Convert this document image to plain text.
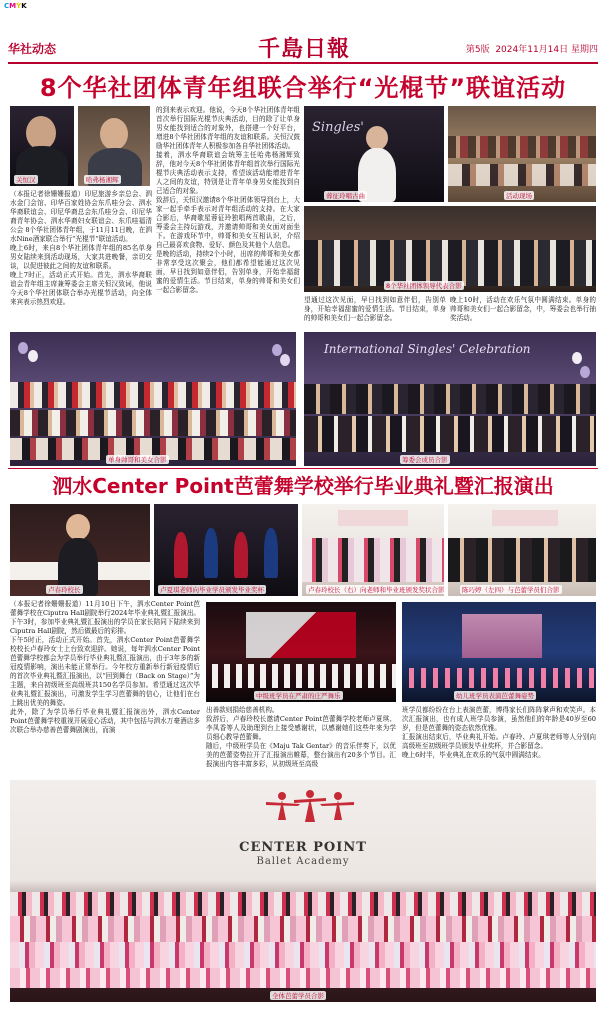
CMYK
华社动态	千島日報	第5版 2024年11月14日 星期四
8个华社团体青年组联合举行“光棍节”联谊活动
关恒汉	哈弗杨湘辉
（本报记者徐姗姗报道）印尼旅游乡亲总会、泗水金门会馆、印华百家姓协会东爪哇分会、泗水华裔联谊会、印尼华裔总会东爪哇分会、印尼华裔青年协会、泗水华裔妇女联谊会、东爪哇福清公会 8个华社团体青年组，于11月11日晚，在泗水Nine酒家联合举行“光棍节”联谊活动。
晚上6时，来自8个华社团体青年组的85名单身男女陆续来到活动现场，大家共进晚餐，亲切交谈，以促进彼此之间的友谊和联系。
晚上7时正，活动正式开始。首先，泗水华裔联谊会青年组主席兼筹委会主席关恒汉致词，他说今天8个华社团体联合举办光棍节活动，向全体来宾表示热烈欢迎。
的到来表示欢迎。他说，今天8个华社团体青年组首次举行国际光棍节庆典活动，目的除了让单身男女能找到适合的对象外，也搭建一个好平台，增进8个华社团体青年组的友谊和联系。关恒汉鼓励华社团体青年人积极参加各自华社团体活动。
接着，泗水华裔联谊会统筹主任哈弗杨湘辉致辞，他对今天8个华社团体青年组首次举行国际光棍节庆典活动表示支持，希望该活动能增进青年人之间的友谊，特别是让青年单身男女能找到自己适合的对象。
致辞后，关恒汉邀请8个华社团体领导到台上，大家一起手牵手表示对青年组活动的支持。在大家合影后，华裔歌星蓉征玲独唱两首歌曲，之后，筹委会主持玩游戏，并邀请帅哥和美女面对面坐下。在游戏环节中，帅哥和美女互相认识，介绍自己最喜欢食物、爱好、颜色及其他个人信息。
是晚的活动，持续2个小时，出席的帅哥和美女都非常享受这次聚会，他们都希望能通过这次见面，早日找到如意伴侣，告别单身，开始幸福甜蜜的爱情生活。节目结束，单身的帅哥和美女们一起合影留念。
Singles'
蓉征玲唱古曲	活动现场
8个华社团体领导代表合影
望通过这次见面，早日找到如意伴侣，告别单身，开始幸福甜蜜的爱情生活。节目结束，单身的帅哥和美女们一起合影留念。
晚上10时，活动在欢乐气氛中圆满结束。单身的帅哥和美女们一起合影留念，中，筹委会也举行抽奖活动。
单身帅哥和美女合影
International Singles' Celebration
筹委会成员合影
泗水Center Point芭蕾舞学校举行毕业典礼暨汇报演出
卢春玲校长	卢夏琪老师向毕业学员颁发毕业奖杯	卢春玲校长（右）向老师和毕业班颁发奖状合影	陈巧婷（左四）与芭蕾学员们合影
（本报记者徐姗姗报道）11月10日下午，泗水Center Point芭蕾舞学校在Ciputra Hall剧院举行2024年毕业典礼暨汇报演出。
下午3时，参加毕业典礼暨汇报演出的学员在家长陪同下陆续来到Ciputra Hall剧院，然后做最后的彩排。
下午5时正，活动正式开始。首先，泗水Center Point芭蕾舞学校校长卢春玲女士上台致欢迎辞。她说，每年泗水Center Point芭蕾舞学校都会为学员举行毕业典礼暨汇报演出，由于3年多的新冠疫情影响，演出未能正常举行。今年校方重新举行新冠疫情后的首次毕业典礼暨汇报演出，以“回到舞台（Back on Stage）”为主题，来自初级班至高级班共150名学员参加。希望通过这次毕业典礼暨汇报演出，可激发学生学习芭蕾舞的信心，让他们在台上跳出优美的舞姿。
此外，除了为学员举行毕业典礼暨汇报演出外，泗水Center Point芭蕾舞学校重视开展爱心活动，其中包括与泗水万豪酒店多次联合举办慈善芭蕾舞剧演出，而演
中级班学员在严肃的庄严舞乐	幼儿班学员表演芭蕾舞姿势
出善款则捐给慈善机构。
致辞后，卢春玲校长邀请Center Point芭蕾舞学校老师卢夏琪、李凤香等人及助理到台上接受感谢状，以感谢她们这些年来为学员细心教导芭蕾舞。
随后，中级班学员在《Maju Tak Gentar》的音乐伴奏下，以优美的芭蕾姿势拉开了汇报演出帷幕，整台演出有20多个节目。汇报演出内容丰富多彩，从初级班至高级
班学员都纷纷在台上表演芭蕾，博得家长们阵阵掌声和欢笑声。本次汇报演出，也有成人班学员参演，虽然他们的年龄是40岁至60岁，但是芭蕾舞的姿态依然优雅。
汇报演出结束后，毕业典礼开始。卢春玲、卢夏琪老师等人分别向高级班至初级班学员颁发毕业奖杯，并合影留念。
晚上6时半，毕业典礼在欢乐的气氛中圆满结束。
CENTER POINT
Ballet Academy
全体芭蕾学员合影
